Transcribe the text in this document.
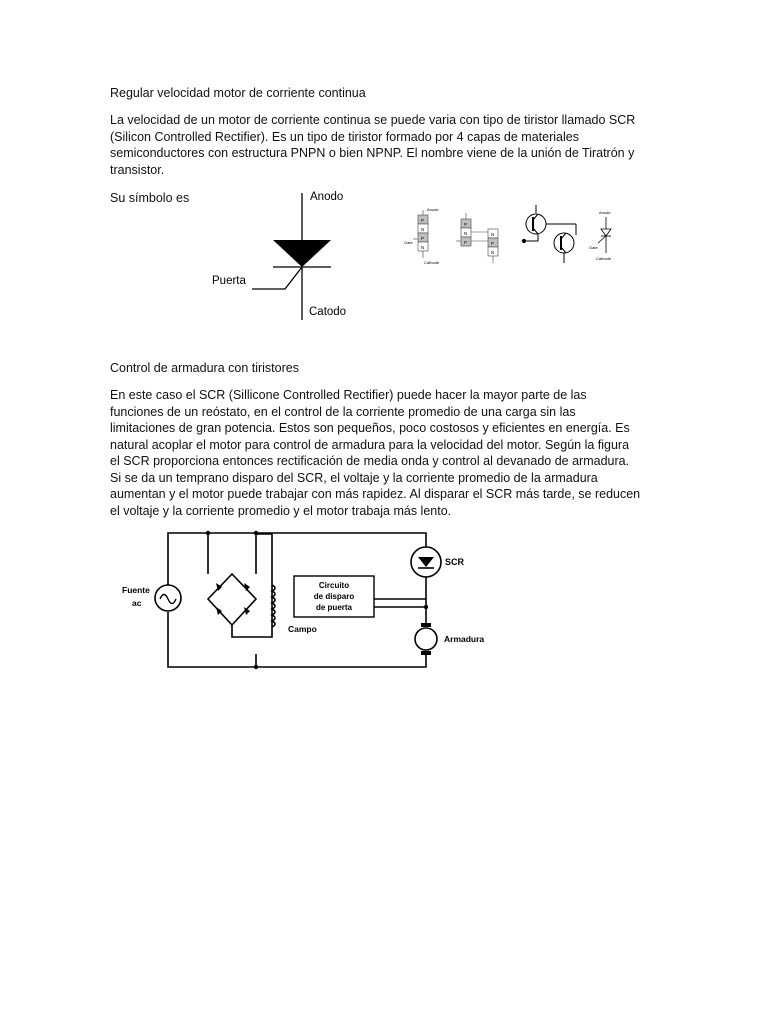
Regular velocidad motor de corriente continua

La velocidad de un motor de corriente continua se puede varia con tipo de tiristor llamado SCR
(Silicon Controlled Rectifier). Es un tipo de tiristor formado por 4 capas de materiales
semiconductores con estructura PNPN o bien NPNP. El nombre viene de la unión de Tiratrón y
transistor.

Su símbolo es	Anodo
Puerta
Catodo
P
N
P
N
Anode
Gate
Cathode
P
N
P
N
P
N
Anode
Gate
Cathode

Control de armadura con tiristores

En este caso el SCR (Sillicone Controlled Rectifier) puede hacer la mayor parte de las
funciones de un reóstato, en el control de la corriente promedio de una carga sin las
limitaciones de gran potencia. Estos son pequeños, poco costosos y eficientes en energía. Es
natural acoplar el motor para control de armadura para la velocidad del motor. Según la figura
el SCR proporciona entonces rectificación de media onda y control al devanado de armadura.
Si se da un temprano disparo del SCR, el voltaje y la corriente promedio de la armadura
aumentan y el motor puede trabajar con más rapidez. Al disparar el SCR más tarde, se reducen
el voltaje y la corriente promedio y el motor trabaja más lento.

Fuente
ac
SCR
Circuito
de disparo
de puerta
Campo
Armadura
